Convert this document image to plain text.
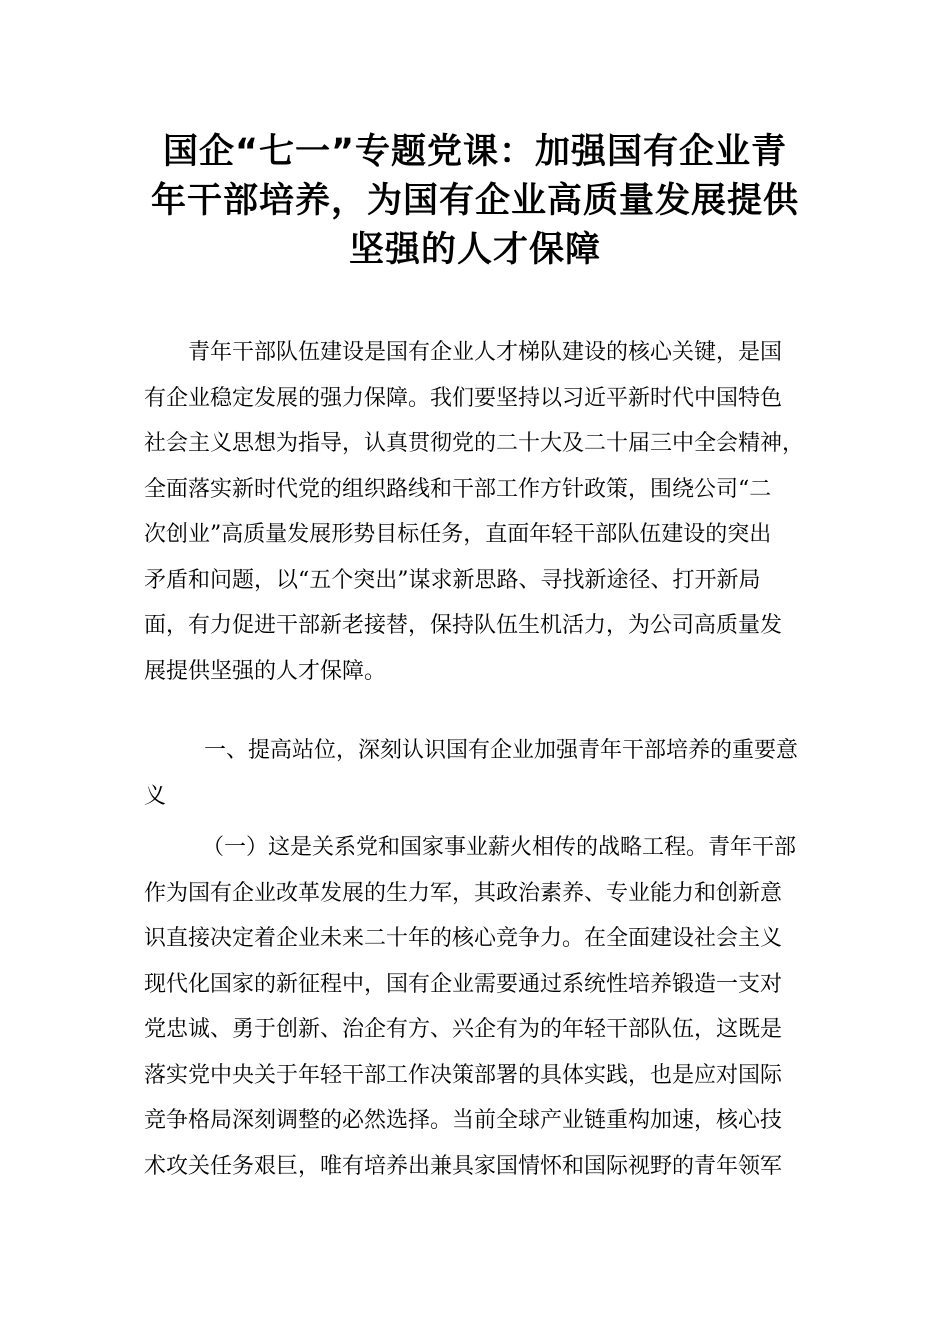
国企“七一”专题党课：加强国有企业青
年干部培养，为国有企业高质量发展提供
坚强的人才保障
青年干部队伍建设是国有企业人才梯队建设的核心关键，是国
有企业稳定发展的强力保障。我们要坚持以习近平新时代中国特色
社会主义思想为指导，认真贯彻党的二十大及二十届三中全会精神，
全面落实新时代党的组织路线和干部工作方针政策，围绕公司“二
次创业”高质量发展形势目标任务，直面年轻干部队伍建设的突出
矛盾和问题，以“五个突出”谋求新思路、寻找新途径、打开新局
面，有力促进干部新老接替，保持队伍生机活力，为公司高质量发
展提供坚强的人才保障。
一、提高站位，深刻认识国有企业加强青年干部培养的重要意
义
（一）这是关系党和国家事业薪火相传的战略工程。青年干部
作为国有企业改革发展的生力军，其政治素养、专业能力和创新意
识直接决定着企业未来二十年的核心竞争力。在全面建设社会主义
现代化国家的新征程中，国有企业需要通过系统性培养锻造一支对
党忠诚、勇于创新、治企有方、兴企有为的年轻干部队伍，这既是
落实党中央关于年轻干部工作决策部署的具体实践，也是应对国际
竞争格局深刻调整的必然选择。当前全球产业链重构加速，核心技
术攻关任务艰巨，唯有培养出兼具家国情怀和国际视野的青年领军
